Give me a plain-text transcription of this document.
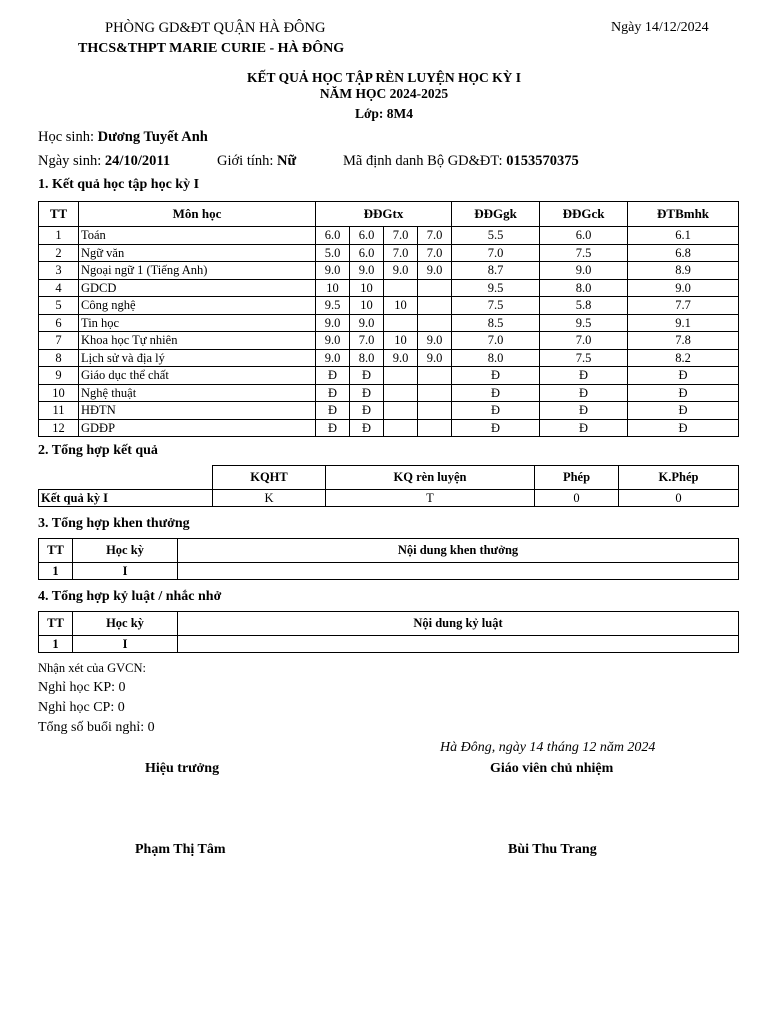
PHÒNG GD&ĐT QUẬN HÀ ĐÔNG
THCS&THPT MARIE CURIE - HÀ ĐÔNG
Ngày 14/12/2024
KẾT QUẢ HỌC TẬP RÈN LUYỆN HỌC KỲ I
NĂM HỌC 2024-2025
Lớp: 8M4
Học sinh: Dương Tuyết Anh
Ngày sinh: 24/10/2011	Giới tính: Nữ	Mã định danh Bộ GD&ĐT: 0153570375
1. Kết quả học tập học kỳ I
TT	Môn học	ĐĐGtx				ĐĐGgk	ĐĐGck	ĐTBmhk
1	Toán	6.0	6.0	7.0	7.0	5.5	6.0	6.1
2	Ngữ văn	5.0	6.0	7.0	7.0	7.0	7.5	6.8
3	Ngoại ngữ 1 (Tiếng Anh)	9.0	9.0	9.0	9.0	8.7	9.0	8.9
4	GDCD	10	10			9.5	8.0	9.0
5	Công nghệ	9.5	10	10		7.5	5.8	7.7
6	Tin học	9.0	9.0			8.5	9.5	9.1
7	Khoa học Tự nhiên	9.0	7.0	10	9.0	7.0	7.0	7.8
8	Lịch sử và địa lý	9.0	8.0	9.0	9.0	8.0	7.5	8.2
9	Giáo dục thể chất	Đ	Đ			Đ	Đ	Đ
10	Nghệ thuật	Đ	Đ			Đ	Đ	Đ
11	HĐTN	Đ	Đ			Đ	Đ	Đ
12	GDĐP	Đ	Đ			Đ	Đ	Đ
2. Tổng hợp kết quả
	KQHT	KQ rèn luyện	Phép	K.Phép
Kết quả kỳ I	K	T	0	0
3. Tổng hợp khen thưởng
TT	Học kỳ	Nội dung khen thưởng
1	I	
4. Tổng hợp kỷ luật / nhắc nhở
TT	Học kỳ	Nội dung kỷ luật
1	I	
Nhận xét của GVCN:
Nghỉ học KP: 0
Nghỉ học CP: 0
Tổng số buổi nghỉ: 0
Hà Đông, ngày 14 tháng 12 năm 2024
Hiệu trưởng	Giáo viên chủ nhiệm
Phạm Thị Tâm	Bùi Thu Trang
